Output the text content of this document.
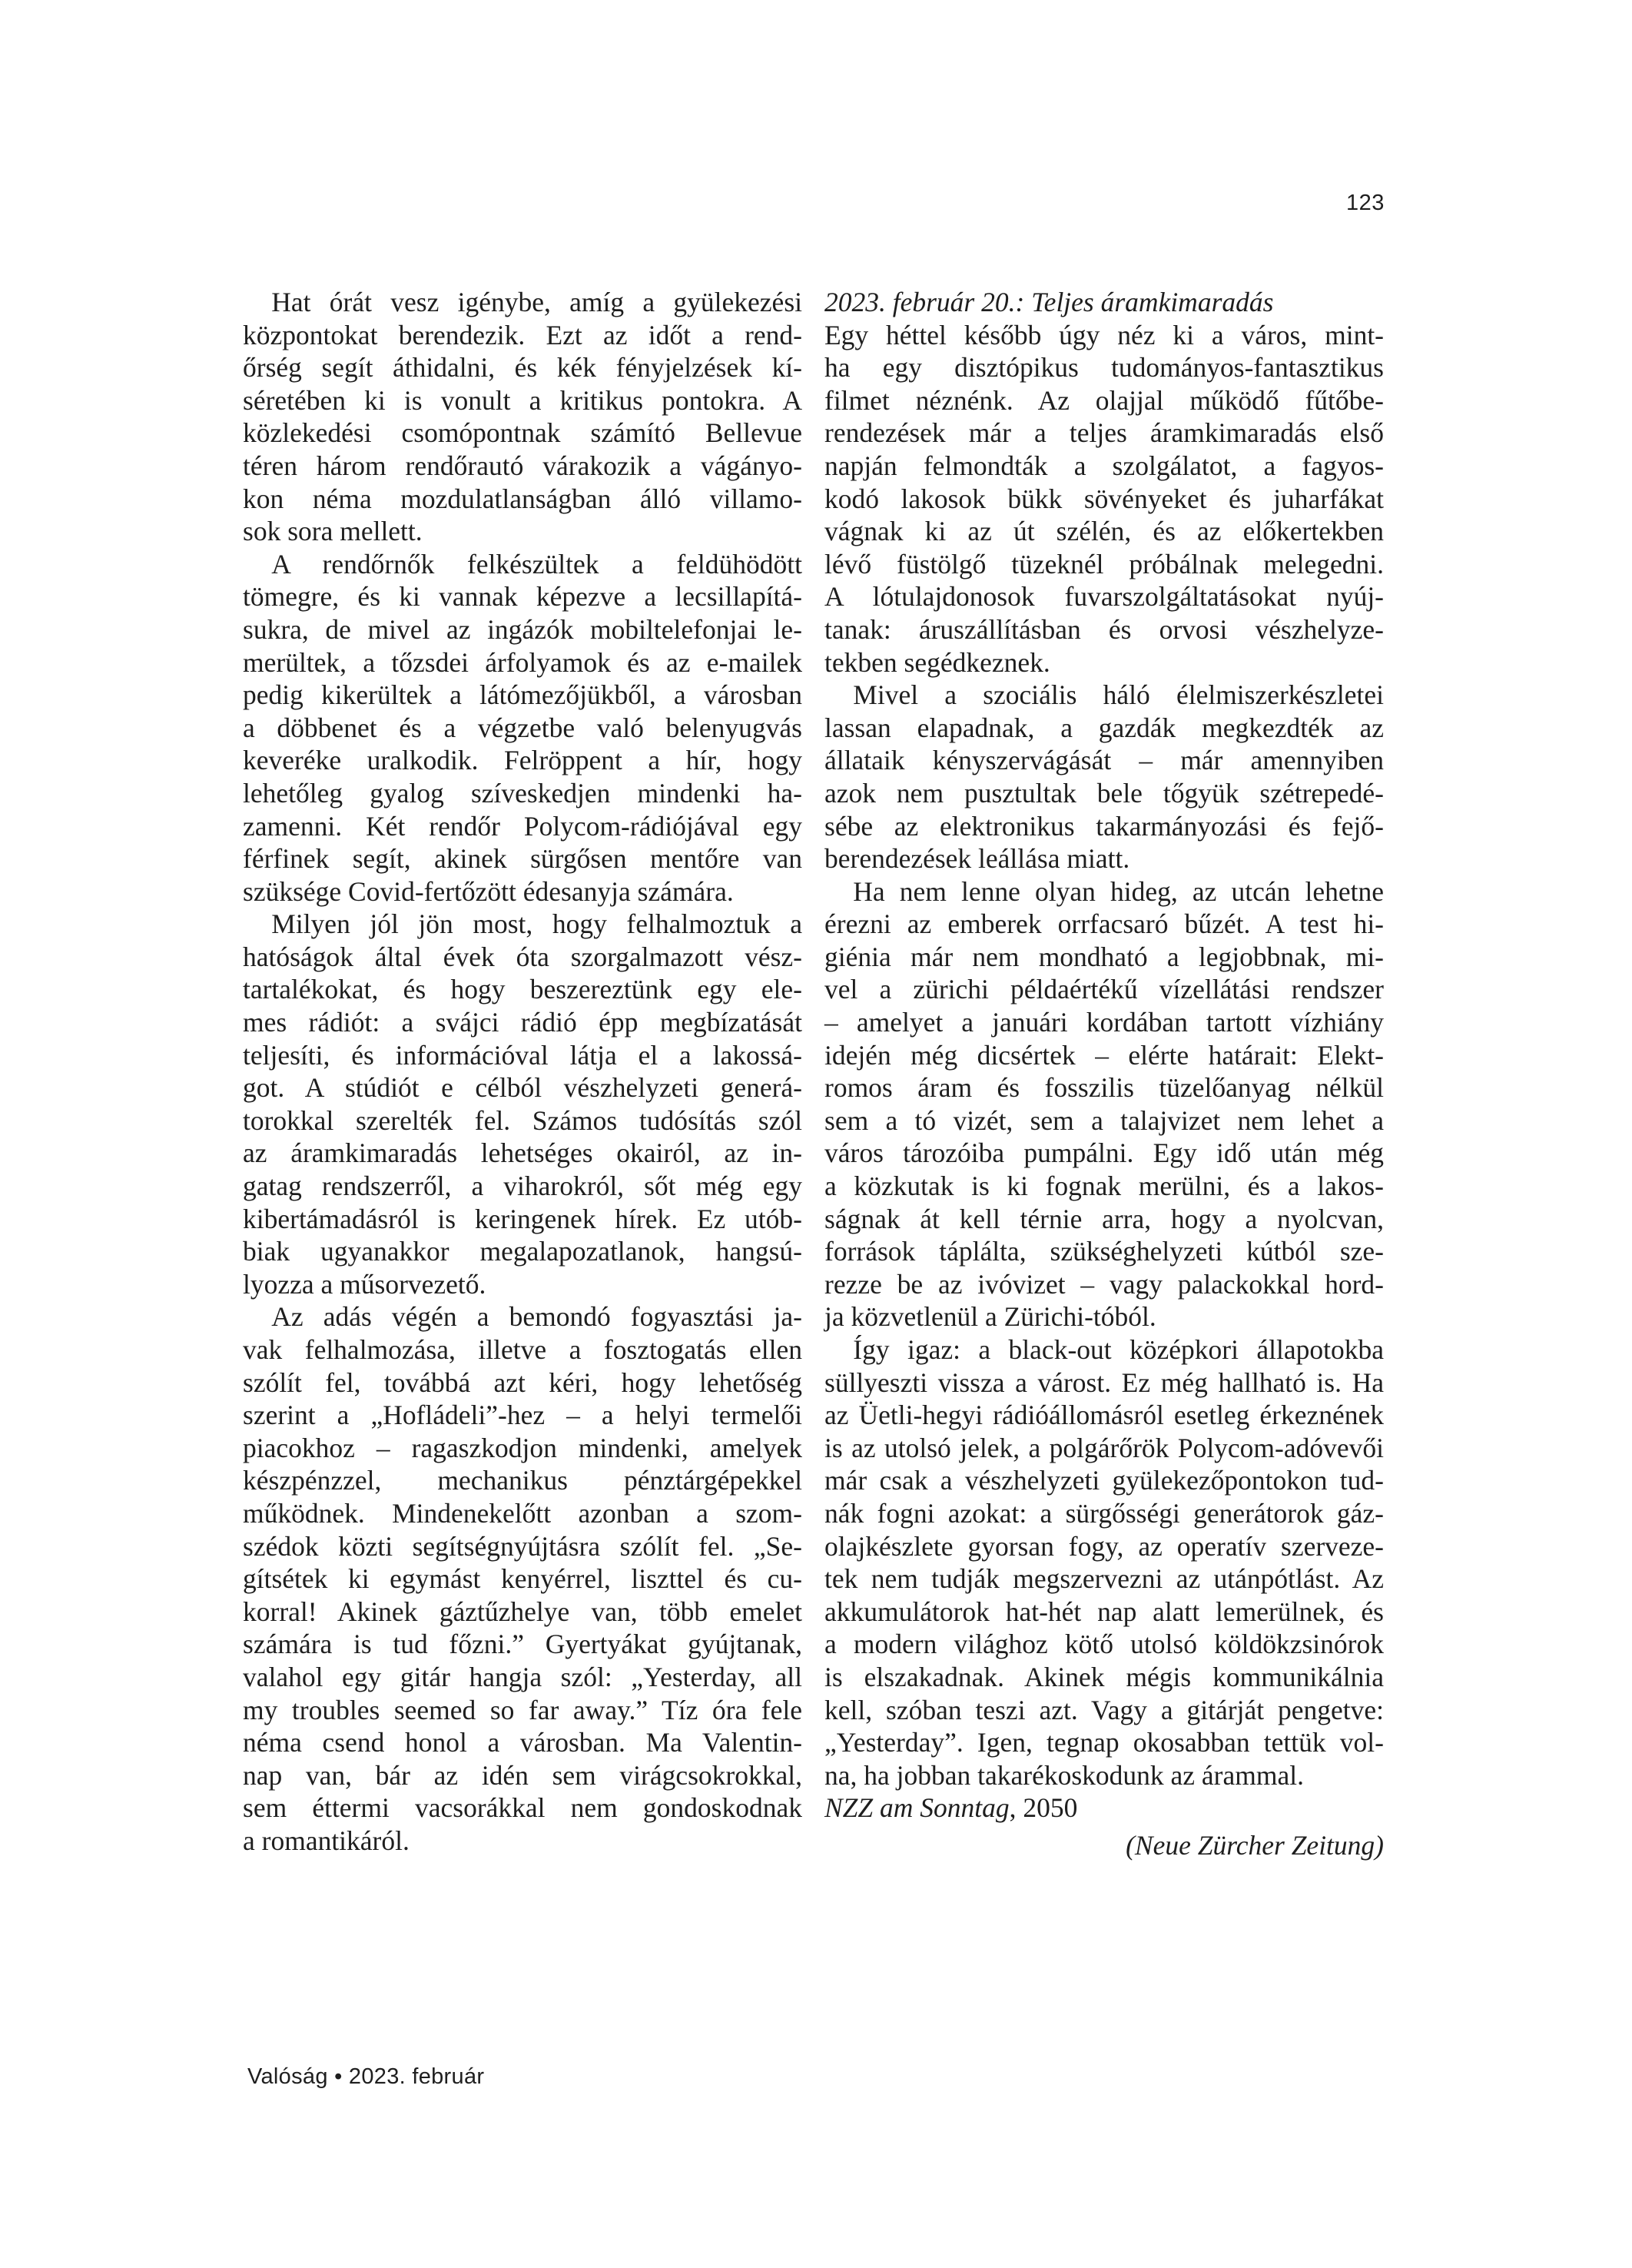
123
Hat órát vesz igénybe, amíg a gyülekezési
központokat berendezik. Ezt az időt a rend-
őrség segít áthidalni, és kék fényjelzések kí-
séretében ki is vonult a kritikus pontokra. A
közlekedési csomópontnak számító Bellevue
téren három rendőrautó várakozik a vágányo-
kon néma mozdulatlanságban álló villamo-
sok sora mellett.
A rendőrnők felkészültek a feldühödött
tömegre, és ki vannak képezve a lecsillapítá-
sukra, de mivel az ingázók mobiltelefonjai le-
merültek, a tőzsdei árfolyamok és az e-mailek
pedig kikerültek a látómezőjükből, a városban
a döbbenet és a végzetbe való belenyugvás
keveréke uralkodik. Felröppent a hír, hogy
lehetőleg gyalog szíveskedjen mindenki ha-
zamenni. Két rendőr Polycom-rádiójával egy
férfinek segít, akinek sürgősen mentőre van
szüksége Covid-fertőzött édesanyja számára.
Milyen jól jön most, hogy felhalmoztuk a
hatóságok által évek óta szorgalmazott vész-
tartalékokat, és hogy beszereztünk egy ele-
mes rádiót: a svájci rádió épp megbízatását
teljesíti, és információval látja el a lakossá-
got. A stúdiót e célból vészhelyzeti generá-
torokkal szerelték fel. Számos tudósítás szól
az áramkimaradás lehetséges okairól, az in-
gatag rendszerről, a viharokról, sőt még egy
kibertámadásról is keringenek hírek. Ez utób-
biak ugyanakkor megalapozatlanok, hangsú-
lyozza a műsorvezető.
Az adás végén a bemondó fogyasztási ja-
vak felhalmozása, illetve a fosztogatás ellen
szólít fel, továbbá azt kéri, hogy lehetőség
szerint a „Hofládeli”-hez – a helyi termelői
piacokhoz – ragaszkodjon mindenki, amelyek
készpénzzel, mechanikus pénztárgépekkel
működnek. Mindenekelőtt azonban a szom-
szédok közti segítségnyújtásra szólít fel. „Se-
gítsétek ki egymást kenyérrel, liszttel és cu-
korral! Akinek gáztűzhelye van, több emelet
számára is tud főzni.” Gyertyákat gyújtanak,
valahol egy gitár hangja szól: „Yesterday, all
my troubles seemed so far away.” Tíz óra fele
néma csend honol a városban. Ma Valentin-
nap van, bár az idén sem virágcsokrokkal,
sem éttermi vacsorákkal nem gondoskodnak
a romantikáról.

2023. február 20.: Teljes áramkimaradás

Egy héttel később úgy néz ki a város, mint-
ha egy disztópikus tudományos-fantasztikus
filmet néznénk. Az olajjal működő fűtőbe-
rendezések már a teljes áramkimaradás első
napján felmondták a szolgálatot, a fagyos-
kodó lakosok bükk sövényeket és juharfákat
vágnak ki az út szélén, és az előkertekben
lévő füstölgő tüzeknél próbálnak melegedni.
A lótulajdonosok fuvarszolgáltatásokat nyúj-
tanak: áruszállításban és orvosi vészhelyze-
tekben segédkeznek.
Mivel a szociális háló élelmiszerkészletei
lassan elapadnak, a gazdák megkezdték az
állataik kényszervágását – már amennyiben
azok nem pusztultak bele tőgyük szétrepedé-
sébe az elektronikus takarmányozási és fejő-
berendezések leállása miatt.
Ha nem lenne olyan hideg, az utcán lehetne
érezni az emberek orrfacsaró bűzét. A test hi-
giénia már nem mondható a legjobbnak, mi-
vel a zürichi példaértékű vízellátási rendszer
– amelyet a januári kordában tartott vízhiány
idején még dicsértek – elérte határait: Elekt-
romos áram és fosszilis tüzelőanyag nélkül
sem a tó vizét, sem a talajvizet nem lehet a
város tározóiba pumpálni. Egy idő után még
a közkutak is ki fognak merülni, és a lakos-
ságnak át kell térnie arra, hogy a nyolcvan,
források táplálta, szükséghelyzeti kútból sze-
rezze be az ivóvizet – vagy palackokkal hord-
ja közvetlenül a Zürichi-tóból.
Így igaz: a black-out középkori állapotokba
süllyeszti vissza a várost. Ez még hallható is. Ha
az Üetli-hegyi rádióállomásról esetleg érkeznének
is az utolsó jelek, a polgárőrök Polycom-adóvevői
már csak a vészhelyzeti gyülekezőpontokon tud-
nák fogni azokat: a sürgősségi generátorok gáz-
olajkészlete gyorsan fogy, az operatív szerveze-
tek nem tudják megszervezni az utánpótlást. Az
akkumulátorok hat-hét nap alatt lemerülnek, és
a modern világhoz kötő utolsó köldökzsinórok
is elszakadnak. Akinek mégis kommunikálnia
kell, szóban teszi azt. Vagy a gitárját pengetve:
„Yesterday”. Igen, tegnap okosabban tettük vol-
na, ha jobban takarékoskodunk az árammal.

NZZ am Sonntag, 2050

(Neue Zürcher Zeitung)

Valóság • 2023. február
